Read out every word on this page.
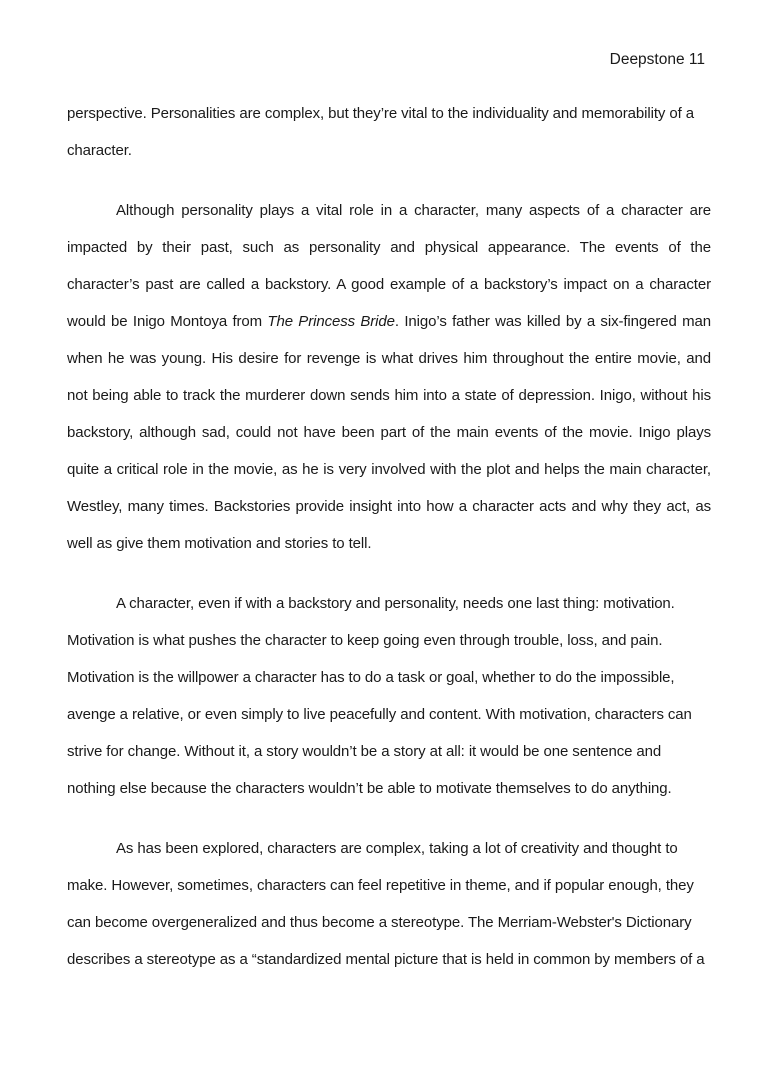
Deepstone 11

perspective. Personalities are complex, but they’re vital to the individuality and memorability of a character.

Although personality plays a vital role in a character, many aspects of a character are impacted by their past, such as personality and physical appearance. The events of the character’s past are called a backstory. A good example of a backstory’s impact on a character would be Inigo Montoya from The Princess Bride. Inigo’s father was killed by a six-fingered man when he was young. His desire for revenge is what drives him throughout the entire movie, and not being able to track the murderer down sends him into a state of depression. Inigo, without his backstory, although sad, could not have been part of the main events of the movie. Inigo plays quite a critical role in the movie, as he is very involved with the plot and helps the main character, Westley, many times. Backstories provide insight into how a character acts and why they act, as well as give them motivation and stories to tell.

A character, even if with a backstory and personality, needs one last thing: motivation. Motivation is what pushes the character to keep going even through trouble, loss, and pain. Motivation is the willpower a character has to do a task or goal, whether to do the impossible, avenge a relative, or even simply to live peacefully and content. With motivation, characters can strive for change. Without it, a story wouldn’t be a story at all: it would be one sentence and nothing else because the characters wouldn’t be able to motivate themselves to do anything.

As has been explored, characters are complex, taking a lot of creativity and thought to make. However, sometimes, characters can feel repetitive in theme, and if popular enough, they can become overgeneralized and thus become a stereotype. The Merriam-Webster's Dictionary describes a stereotype as a “standardized mental picture that is held in common by members of a
